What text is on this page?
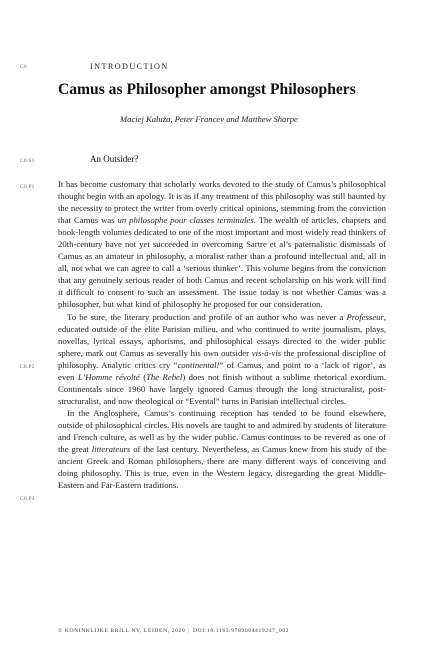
C0	INTRODUCTION
Camus as Philosopher amongst Philosophers
Maciej Kałuża, Peter Francev and Matthew Sharpe
C0.S1	An Outsider?
C0.P1
C0.P2
C0.P3

It has become customary that scholarly works devoted to the study of Camus’s philosophical thought begin with an apology. It is as if any treatment of this philosophy was still haunted by the necessity to protect the writer from overly critical opinions, stemming from the conviction that Camus was un philosophe pour classes terminales. The wealth of articles, chapters and book-length volumes dedicated to one of the most important and most widely read thinkers of 20th-century have not yet succeeded in overcoming Sartre et al’s paternalistic dismissals of Camus as an amateur in philosophy, a moralist rather than a profound intellectual and, all in all, not what we can agree to call a ‘serious thinker’. This volume begins from the conviction that any genuinely serious reader of both Camus and recent scholarship on his work will find it difficult to consent to such an assessment. The issue today is not whether Camus was a philosopher, but what kind of philosophy he proposed for our consideration.

To be sure, the literary production and profile of an author who was never a Professeur, educated outside of the elite Parisian milieu, and who continued to write journalism, plays, novellas, lyrical essays, aphorisms, and philosophical essays directed to the wider public sphere, mark out Camus as severally his own outsider vis-à-vis the professional discipline of philosophy. Analytic critics cry “continental!” of Camus, and point to a ‘lack of rigor’, as even L’Homme révolté (The Rebel) does not finish without a sublime rhetorical exordium. Continentals since 1960 have largely ignored Camus through the long structuralist, post-structuralist, and now theological or “Evental” turns in Parisian intellectual circles.

In the Anglosphere, Camus’s continuing reception has tended to be found elsewhere, outside of philosophical circles. His novels are taught to and admired by students of literature and French culture, as well as by the wider public. Camus continues to be revered as one of the great litterateurs of the last century. Nevertheless, as Camus knew from his study of the ancient Greek and Roman philosophers, there are many different ways of conceiving and doing philosophy. This is true, even in the Western legacy, disregarding the great Middle-Eastern and Far-Eastern traditions.

© KONINKLIJKE BRILL NV, LEIDEN, 2020 | DOI:10.1163/9789004419247_002
